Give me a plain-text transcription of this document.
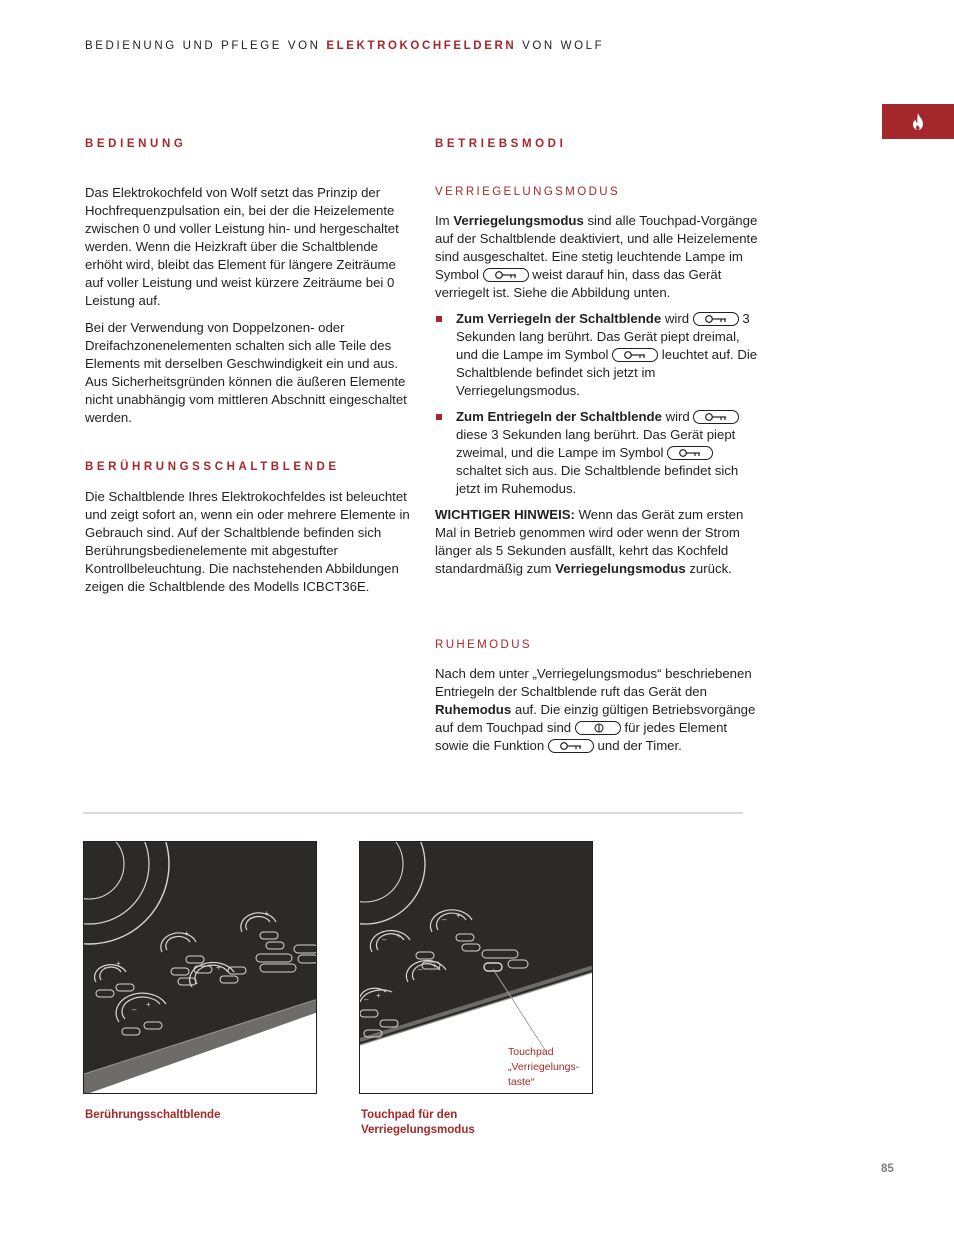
BEDIENUNG UND PFLEGE VON ELEKTROKOCHFELDERN VON WOLF
BEDIENUNG

Das Elektrokochfeld von Wolf setzt das Prinzip der Hochfrequenzpulsation ein, bei der die Heizelemente zwischen 0 und voller Leistung hin- und hergeschaltet werden. Wenn die Heizkraft über die Schaltblende erhöht wird, bleibt das Element für längere Zeiträume auf voller Leistung und weist kürzere Zeiträume bei 0 Leistung auf.

Bei der Verwendung von Doppelzonen- oder Dreifachzonenelementen schalten sich alle Teile des Elements mit derselben Geschwindigkeit ein und aus. Aus Sicherheitsgründen können die äußeren Elemente nicht unabhängig vom mittleren Abschnitt eingeschaltet werden.

BERÜHRUNGSSCHALTBLENDE

Die Schaltblende Ihres Elektrokochfeldes ist beleuchtet und zeigt sofort an, wenn ein oder mehrere Elemente in Gebrauch sind. Auf der Schaltblende befinden sich Berührungsbedienelemente mit abgestufter Kontrollbeleuchtung. Die nachstehenden Abbildungen zeigen die Schaltblende des Modells ICBCT36E.

BETRIEBSMODI
VERRIEGELUNGSMODUS

Im Verriegelungsmodus sind alle Touchpad-Vorgänge auf der Schaltblende deaktiviert, und alle Heizelemente sind ausgeschaltet. Eine stetig leuchtende Lampe im Symbol	weist darauf hin, dass das Gerät verriegelt ist. Siehe die Abbildung unten.

Zum Verriegeln der Schaltblende wird	3 Sekunden lang berührt. Das Gerät piept dreimal, und die Lampe im Symbol	leuchtet auf. Die Schaltblende befindet sich jetzt im Verriegelungsmodus.

Zum Entriegeln der Schaltblende wird
diese 3 Sekunden lang berührt. Das Gerät piept zweimal, und die Lampe im Symbol
schaltet sich aus. Die Schaltblende befindet sich jetzt im Ruhemodus.

WICHTIGER HINWEIS: Wenn das Gerät zum ersten Mal in Betrieb genommen wird oder wenn der Strom länger als 5 Sekunden ausfällt, kehrt das Kochfeld standardmäßig zum Verriegelungsmodus zurück.

RUHEMODUS

Nach dem unter „Verriegelungsmodus“ beschriebenen Entriegeln der Schaltblende ruft das Gerät den Ruhemodus auf. Die einzig gültigen Betriebsvorgänge auf dem Touchpad sind	für jedes Element sowie die Funktion	und der Timer.

– +
– +
– +
–
+
–
+
Berührungsschaltblende
– +
– +
– +
– +
Touchpad
„Verriegelungs-
taste“
Touchpad für den
Verriegelungsmodus
85
